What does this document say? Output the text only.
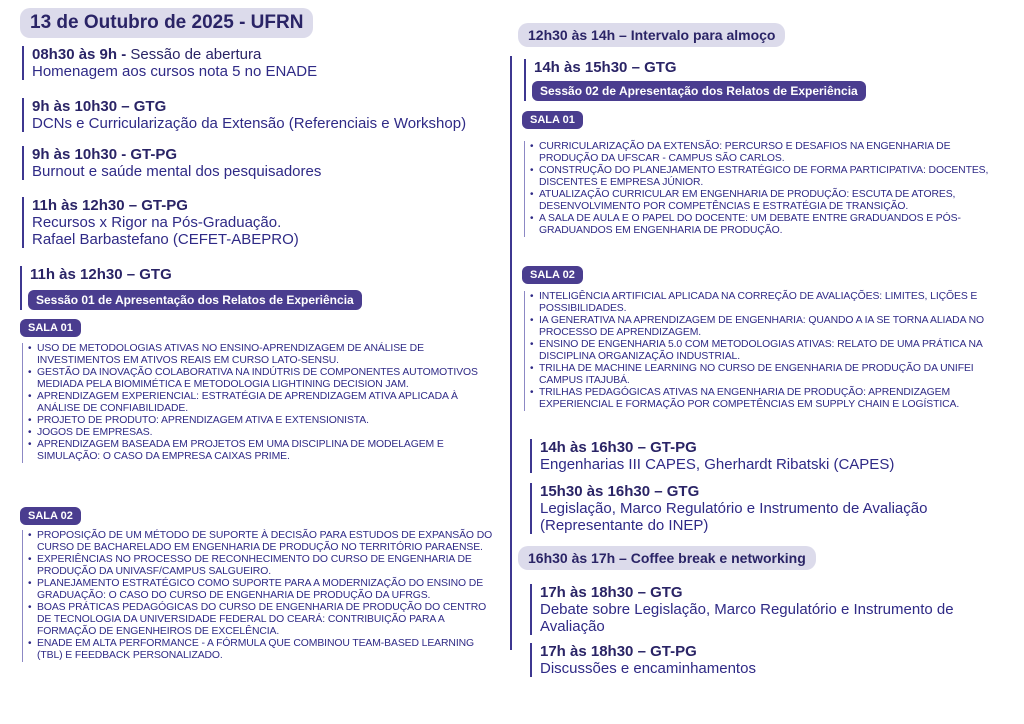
13 de Outubro de 2025 - UFRN
08h30 às 9h - Sessão de abertura
Homenagem aos cursos nota 5 no ENADE
9h às 10h30 – GTG
DCNs e Curricularização da Extensão (Referenciais e Workshop)
9h às 10h30 - GT-PG
Burnout e saúde mental dos pesquisadores
11h às 12h30 – GT-PG
Recursos x Rigor na Pós-Graduação.
Rafael Barbastefano (CEFET-ABEPRO)
11h às 12h30 – GTG
Sessão 01 de Apresentação dos Relatos de Experiência
SALA 01
• USO DE METODOLOGIAS ATIVAS NO ENSINO-APRENDIZAGEM DE ANÁLISE DE INVESTIMENTOS EM ATIVOS REAIS EM CURSO LATO-SENSU.
• GESTÃO DA INOVAÇÃO COLABORATIVA NA INDÚTRIS DE COMPONENTES AUTOMOTIVOS MEDIADA PELA BIOMIMÉTICA E METODOLOGIA LIGHTINING DECISION JAM.
• APRENDIZAGEM EXPERIENCIAL: ESTRATÉGIA DE APRENDIZAGEM ATIVA APLICADA À ANÁLISE DE CONFIABILIDADE.
• PROJETO DE PRODUTO: APRENDIZAGEM ATIVA E EXTENSIONISTA.
• JOGOS DE EMPRESAS.
• APRENDIZAGEM BASEADA EM PROJETOS EM UMA DISCIPLINA DE MODELAGEM E SIMULAÇÃO: O CASO DA EMPRESA CAIXAS PRIME.
SALA 02
• PROPOSIÇÃO DE UM MÉTODO DE SUPORTE À DECISÃO PARA ESTUDOS DE EXPANSÃO DO CURSO DE BACHARELADO EM ENGENHARIA DE PRODUÇÃO NO TERRITÓRIO PARAENSE.
• EXPERIÊNCIAS NO PROCESSO DE RECONHECIMENTO DO CURSO DE ENGENHARIA DE PRODUÇÃO DA UNIVASF/CAMPUS SALGUEIRO.
• PLANEJAMENTO ESTRATÉGICO COMO SUPORTE PARA A MODERNIZAÇÃO DO ENSINO DE GRADUAÇÃO: O CASO DO CURSO DE ENGENHARIA DE PRODUÇÃO DA UFRGS.
• BOAS PRÁTICAS PEDAGÓGICAS DO CURSO DE ENGENHARIA DE PRODUÇÃO DO CENTRO DE TECNOLOGIA DA UNIVERSIDADE FEDERAL DO CEARÁ: CONTRIBUIÇÃO PARA A FORMAÇÃO DE ENGENHEIROS DE EXCELÊNCIA.
• ENADE EM ALTA PERFORMANCE - A FÓRMULA QUE COMBINOU TEAM-BASED LEARNING (TBL) E FEEDBACK PERSONALIZADO.
12h30 às 14h – Intervalo para almoço
14h às 15h30 – GTG
Sessão 02 de Apresentação dos Relatos de Experiência
SALA 01
• CURRICULARIZAÇÃO DA EXTENSÃO: PERCURSO E DESAFIOS NA ENGENHARIA DE PRODUÇÃO DA UFSCAR - CAMPUS SÃO CARLOS.
• CONSTRUÇÃO DO PLANEJAMENTO ESTRATÉGICO DE FORMA PARTICIPATIVA: DOCENTES, DISCENTES E EMPRESA JÚNIOR.
• ATUALIZAÇÃO CURRICULAR EM ENGENHARIA DE PRODUÇÃO: ESCUTA DE ATORES, DESENVOLVIMENTO POR COMPETÊNCIAS E ESTRATÉGIA DE TRANSIÇÃO.
• A SALA DE AULA E O PAPEL DO DOCENTE: UM DEBATE ENTRE GRADUANDOS E PÓS-GRADUANDOS EM ENGENHARIA DE PRODUÇÃO.
SALA 02
• INTELIGÊNCIA ARTIFICIAL APLICADA NA CORREÇÃO DE AVALIAÇÕES: LIMITES, LIÇÕES E POSSIBILIDADES.
• IA GENERATIVA NA APRENDIZAGEM DE ENGENHARIA: QUANDO A IA SE TORNA ALIADA NO PROCESSO DE APRENDIZAGEM.
• ENSINO DE ENGENHARIA 5.0 COM METODOLOGIAS ATIVAS: RELATO DE UMA PRÁTICA NA DISCIPLINA ORGANIZAÇÃO INDUSTRIAL.
• TRILHA DE MACHINE LEARNING NO CURSO DE ENGENHARIA DE PRODUÇÃO DA UNIFEI CAMPUS ITAJUBÁ.
• TRILHAS PEDAGÓGICAS ATIVAS NA ENGENHARIA DE PRODUÇÃO: APRENDIZAGEM EXPERIENCIAL E FORMAÇÃO POR COMPETÊNCIAS EM SUPPLY CHAIN E LOGÍSTICA.
14h às 16h30 – GT-PG
Engenharias III CAPES, Gherhardt Ribatski (CAPES)
15h30 às 16h30 – GTG
Legislação, Marco Regulatório e Instrumento de Avaliação
(Representante do INEP)
16h30 às 17h – Coffee break e networking
17h às 18h30 – GTG
Debate sobre Legislação, Marco Regulatório e Instrumento de
Avaliação
17h às 18h30 – GT-PG
Discussões e encaminhamentos
